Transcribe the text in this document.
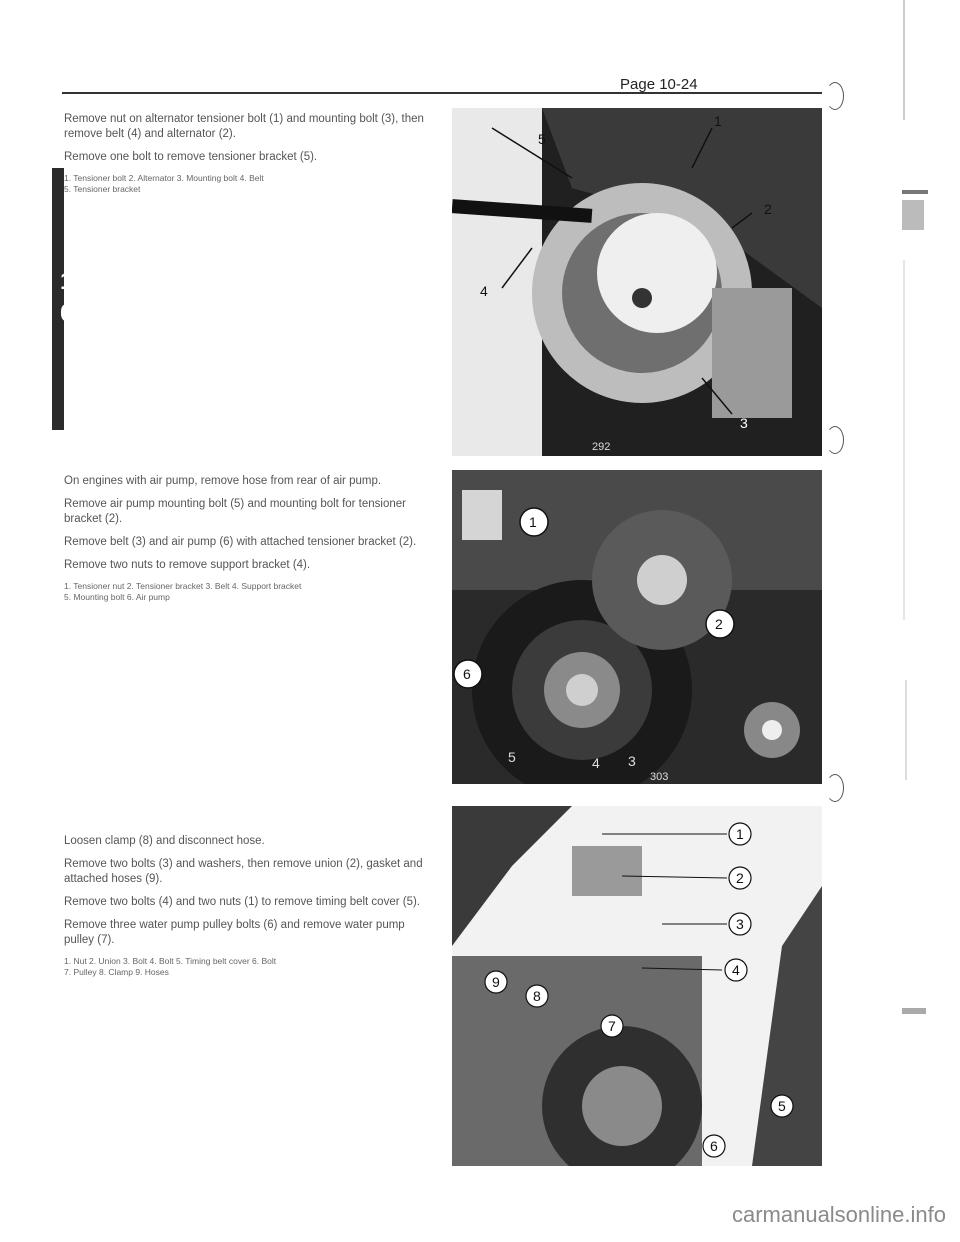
Page 10-24
1
0

Remove nut on alternator tensioner bolt (1) and mounting bolt (3), then remove belt (4) and alternator (2).

Remove one bolt to remove tensioner bracket (5).

1. Tensioner bolt 2. Alternator 3. Mounting bolt 4. Belt
5. Tensioner bracket

5
1
2
4
3
292

On engines with air pump, remove hose from rear of air pump.

Remove air pump mounting bolt (5) and mounting bolt for tensioner bracket (2).

Remove belt (3) and air pump (6) with attached tensioner bracket (2).

Remove two nuts to remove support bracket (4).

1. Tensioner nut 2. Tensioner bracket 3. Belt 4. Support bracket
5. Mounting bolt 6. Air pump

1
2
6
5	4 3
303

Loosen clamp (8) and disconnect hose.

Remove two bolts (3) and washers, then remove union (2), gasket and attached hoses (9).

Remove two bolts (4) and two nuts (1) to remove timing belt cover (5).

Remove three water pump pulley bolts (6) and remove water pump pulley (7).

1. Nut 2. Union 3. Bolt 4. Bolt 5. Timing belt cover 6. Bolt
7. Pulley 8. Clamp 9. Hoses

1
2
3
4
5
6
7
8
9
carmanualsonline.info
